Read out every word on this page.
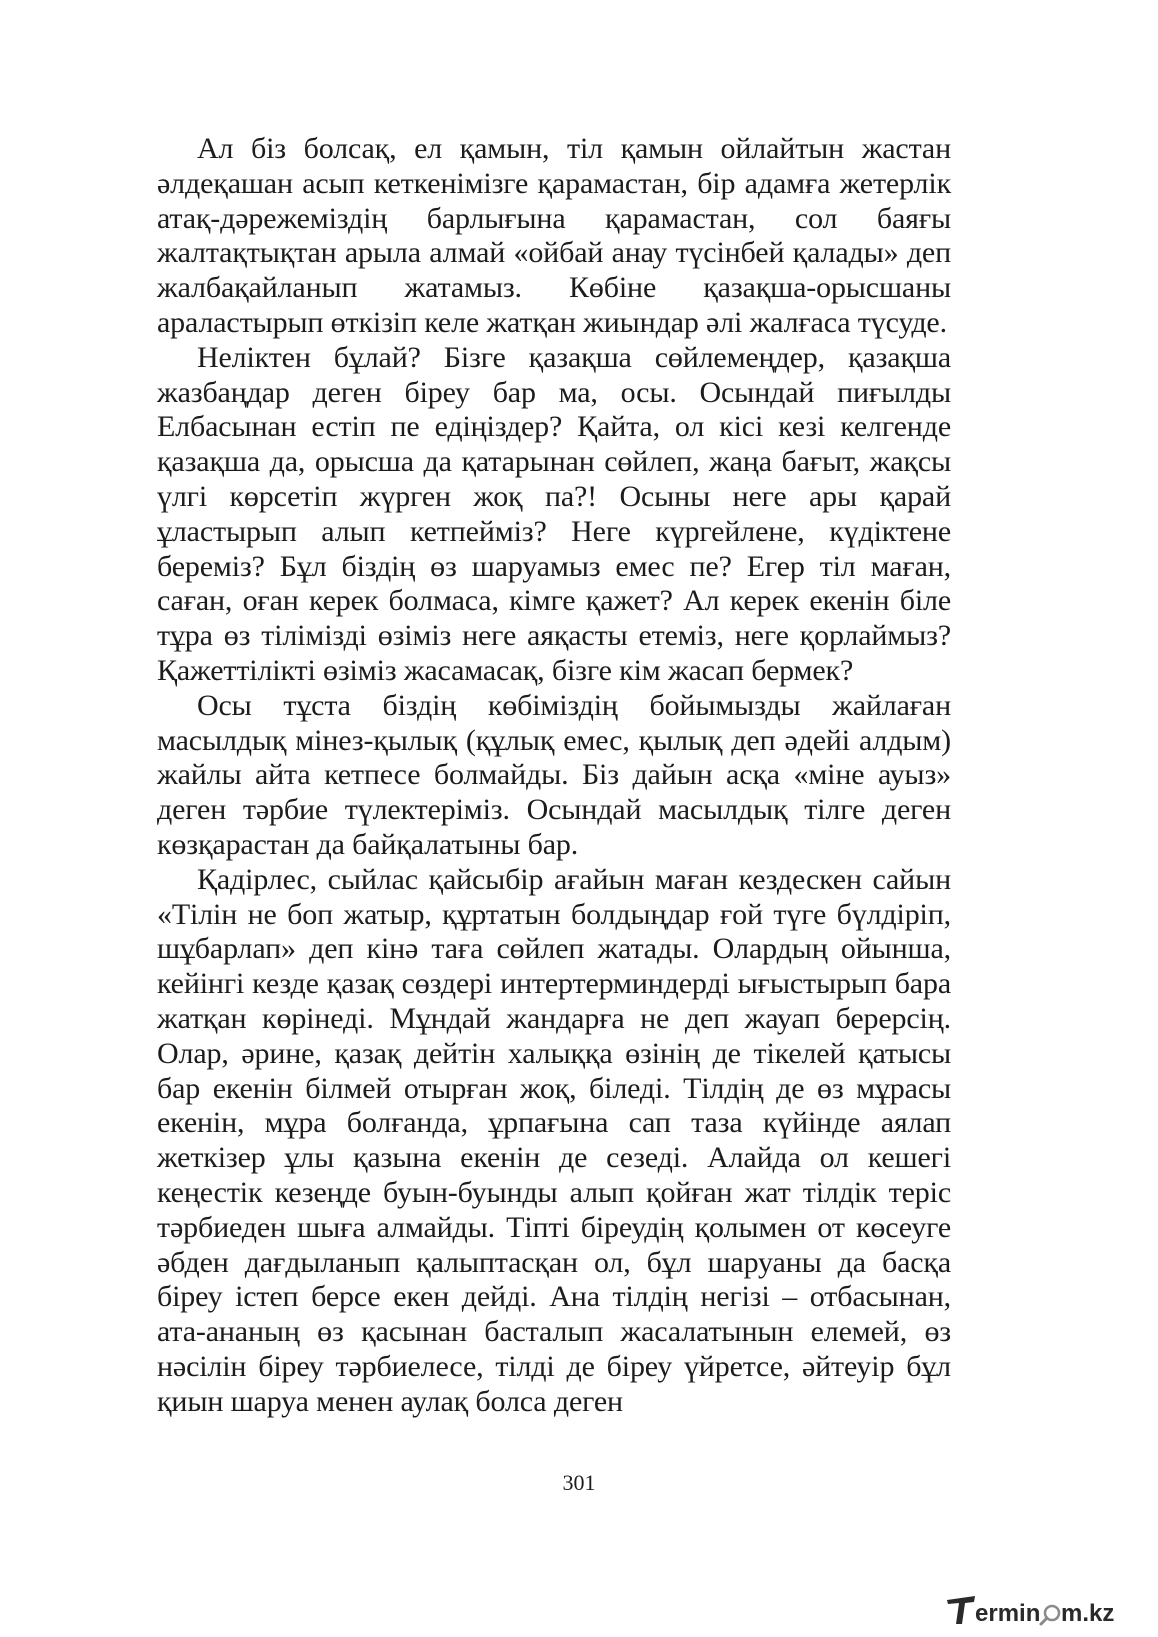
Ал біз болсақ, ел қамын, тіл қамын ойлайтын жастан әлдеқашан асып кеткенімізге қарамастан, бір адамға жетерлік атақ-дәрежеміздің барлығына қарамастан, сол баяғы жалтақтықтан арыла алмай «ойбай анау түсінбей қалады» деп жалбақайланып жатамыз. Көбіне қазақша-орысшаны араластырып өткізіп келе жатқан жиындар әлі жалғаса түсуде.

Неліктен бұлай? Бізге қазақша сөйлемеңдер, қазақша жазбаңдар деген біреу бар ма, осы. Осындай пиғылды Елбасынан естіп пе едіңіздер? Қайта, ол кісі кезі келгенде қазақша да, орысша да қатарынан сөйлеп, жаңа бағыт, жақсы үлгі көрсетіп жүрген жоқ па?! Осыны неге ары қарай ұластырып алып кетпейміз? Неге күргейлене, күдіктене береміз? Бұл біздің өз шаруамыз емес пе? Егер тіл маған, саған, оған керек болмаса, кімге қажет? Ал керек екенін біле тұра өз тілімізді өзіміз неге аяқасты етеміз, неге қорлаймыз? Қажеттілікті өзіміз жасамасақ, бізге кім жасап бермек?

Осы тұста біздің көбіміздің бойымызды жайлаған масылдық мінез-қылық (құлық емес, қылық деп әдейі алдым) жайлы айта кетпесе болмайды. Біз дайын асқа «міне ауыз» деген тәрбие түлектеріміз. Осындай масылдық тілге деген көзқарастан да байқалатыны бар.

Қадірлес, сыйлас қайсыбір ағайын маған кездескен сайын «Тілін не боп жатыр, құртатын болдыңдар ғой түге бүлдіріп, шұбарлап» деп кінә таға сөйлеп жатады. Олардың ойынша, кейінгі кезде қазақ сөздері интертерминдерді ығыстырып бара жатқан көрінеді. Мұндай жандарға не деп жауап берерсің. Олар, әрине, қазақ дейтін халыққа өзінің де тікелей қатысы бар екенін білмей отырған жоқ, біледі. Тілдің де өз мұрасы екенін, мұра болғанда, ұрпағына сап таза күйінде аялап жеткізер ұлы қазына екенін де сезеді. Алайда ол кешегі кеңестік кезеңде буын-буынды алып қойған жат тілдік теріс тәрбиеден шыға алмайды. Тіпті біреудің қолымен от көсеуге әбден дағдыланып қалыптасқан ол, бұл шаруаны да басқа біреу істеп берсе екен дейді. Ана тілдің негізі – отбасынан, ата-ананың өз қасынан басталып жасалатынын елемей, өз нәсілін біреу тәрбиелесе, тілді де біреу үйретсе, әйтеуір бұл қиын шаруа менен аулақ болса деген

301
ermin m.kz
